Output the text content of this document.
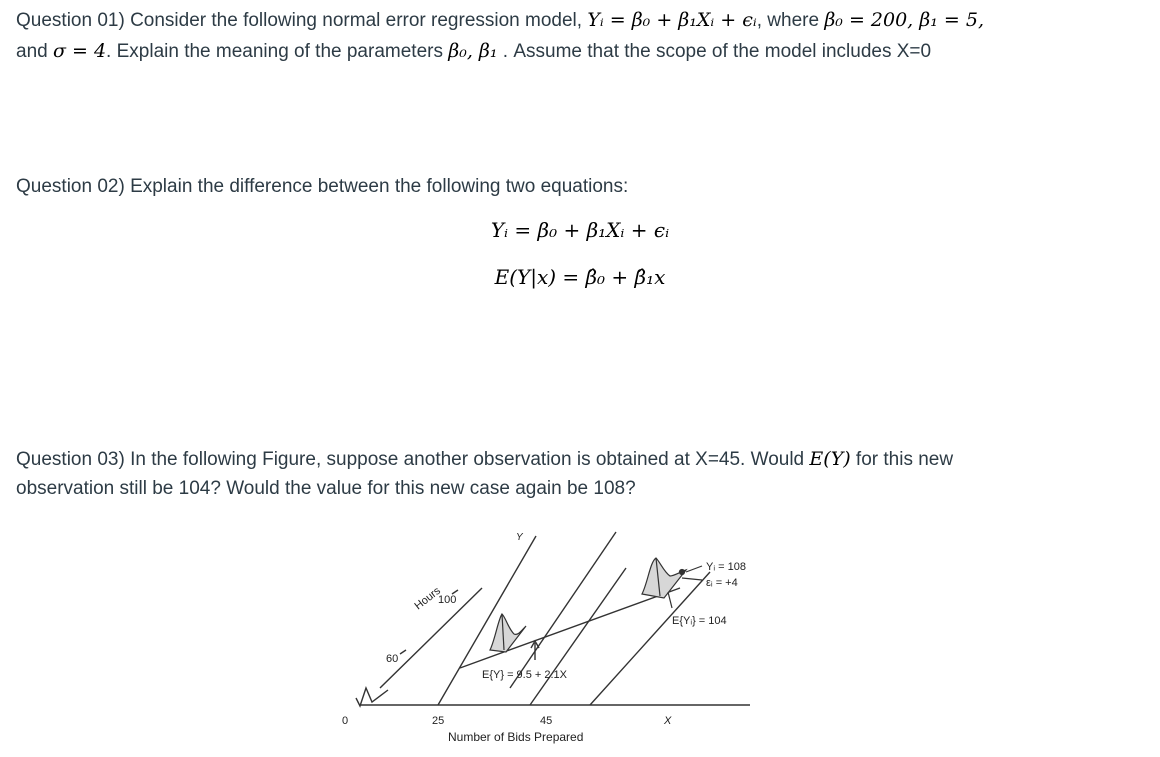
Question 01) Consider the following normal error regression model, Yᵢ = β₀ + β₁Xᵢ + ϵᵢ, where β₀ = 200, β₁ = 5,
and σ = 4. Explain the meaning of the parameters β₀, β₁ . Assume that the scope of the model includes X=0
Question 02) Explain the difference between the following two equations:
Yᵢ = β₀ + β₁Xᵢ + ϵᵢ
E(Y|x) = β̂₀ + β̂₁x
Question 03) In the following Figure, suppose another observation is obtained at X=45. Would E(Y) for this new
observation still be 104? Would the value for this new case again be 108?
Y
Hours
100
60
0	25	45	X
Number of Bids Prepared
E{Y} = 9.5 + 2.1X
Yᵢ = 108
εᵢ = +4
E{Yᵢ} = 104
